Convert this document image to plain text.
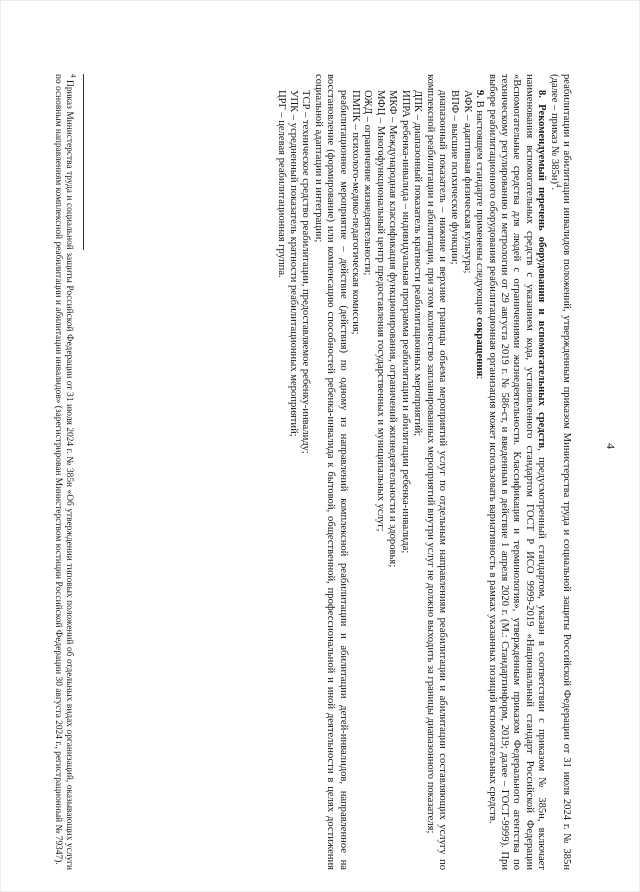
4

реабилитации и абилитации инвалидов положений, утвержденным приказом Министерства труда и социальной защиты Российской Федерации от 31 июля 2024 г. № 385н (далее – приказ № 385н)$^4$.

8. Рекомендуемый перечень оборудования и вспомогательных средств, предусмотренный стандартом, указан в соответствии с приказом № 385н, включает наименования вспомогательных средств с указанием кода, установленного стандартом ГОСТ Р ИСО 9999-2019 «Национальный стандарт Российской Федерации «Вспомогательные средства для людей с ограничениями жизнедеятельности. Классификация и терминология», утвержденным приказом Федерального агентства по техническому регулированию и метрологии от 29 августа 2019 г. № 586-ст, и введенным в действие 1 апреля 2020 г. (М.: Стандартинформ, 2019; далее – ГОСТ-9999). При выборе реабилитационного оборудования реабилитационная организация может использовать вариативность в рамках указанных позиций вспомогательных средств.

9. В настоящем стандарте применены следующие сокращения:

АФК – адаптивная физическая культура;

ВПФ – высшие психические функции;

диапазонный показатель – нижние и верхние границы объема мероприятий услуг по отдельным направлениям реабилитации и абилитации составляющих услугу по комплексной реабилитации и абилитации, при этом количество запланированных мероприятий внутри услуг не должно выходить за границы диапазонного показателя;

ДПК – диапазонный показатель кратности реабилитационных мероприятий;

ИПРА ребенка-инвалида – индивидуальная программа реабилитации и абилитации ребенка-инвалида;

МКФ – Международная классификация функционирования, ограничений жизнедеятельности и здоровья;

МФЦ – Многофункциональный центр предоставления государственных и муниципальных услуг;

ОЖД – ограничение жизнедеятельности;

ПМПК – психолого-медико-педагогическая комиссия;

реабилитационное мероприятие – действие (действия) по одному из направлений комплексной реабилитации и абилитации детей-инвалидов, направленное на восстановление (формирование) или компенсацию способностей ребенка-инвалида к бытовой, общественной, профессиональной и иной деятельности в целях достижения социальной адаптации и интеграции;

ТСР – техническое средство реабилитации, предоставляемое ребенку-инвалиду;

УПК – усредненный показатель кратности реабилитационных мероприятий;

ЦРГ – целевая реабилитационная группа.

$^4$ Приказ Министерства труда и социальной защиты Российской Федерации от 31 июля 2024 г. № 385н «Об утверждении типовых положений об отдельных видах организаций, оказывающих услуги по основным направлениям комплексной реабилитации и абилитации инвалидов» (зарегистрирован Министерством юстиции Российской Федерации 30 августа 2024 г., регистрационный № 79347).
